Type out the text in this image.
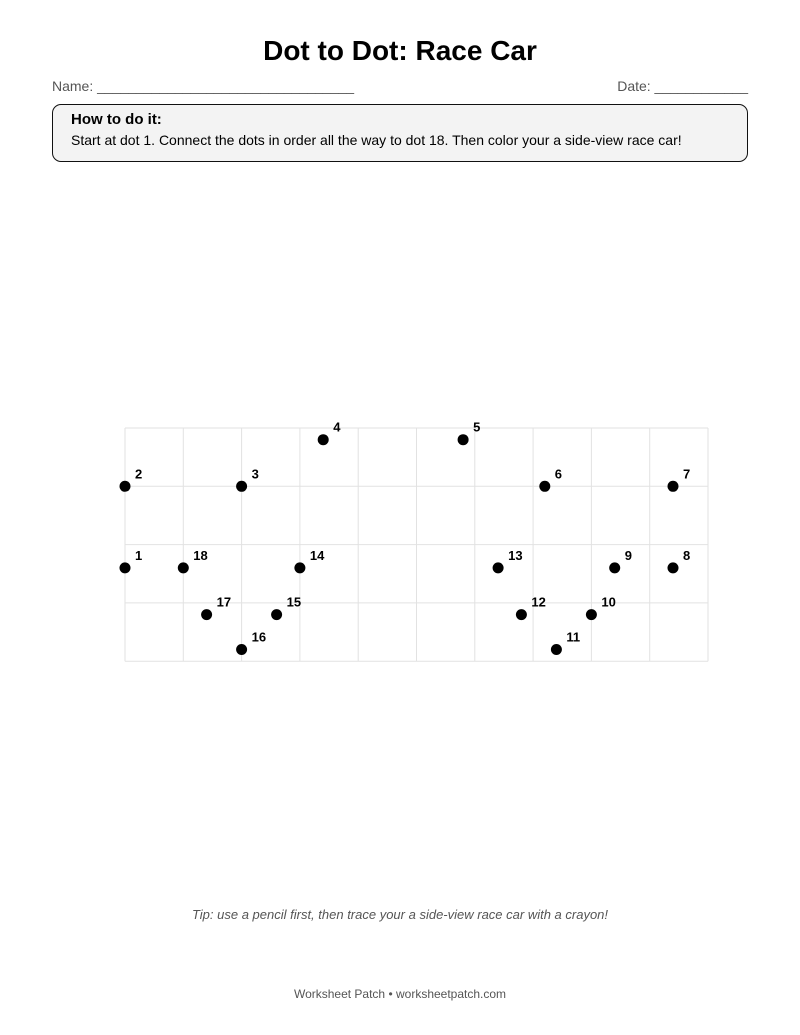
Dot to Dot: Race Car
Name: _________________________________	Date: ____________
How to do it:
Start at dot 1. Connect the dots in order all the way to dot 18. Then color your a side-view race car!
1
2	3
4	5
6	7
8
9
10
11
12
13
14
15
16
17
18
Tip: use a pencil first, then trace your a side-view race car with a crayon!
Worksheet Patch • worksheetpatch.com
